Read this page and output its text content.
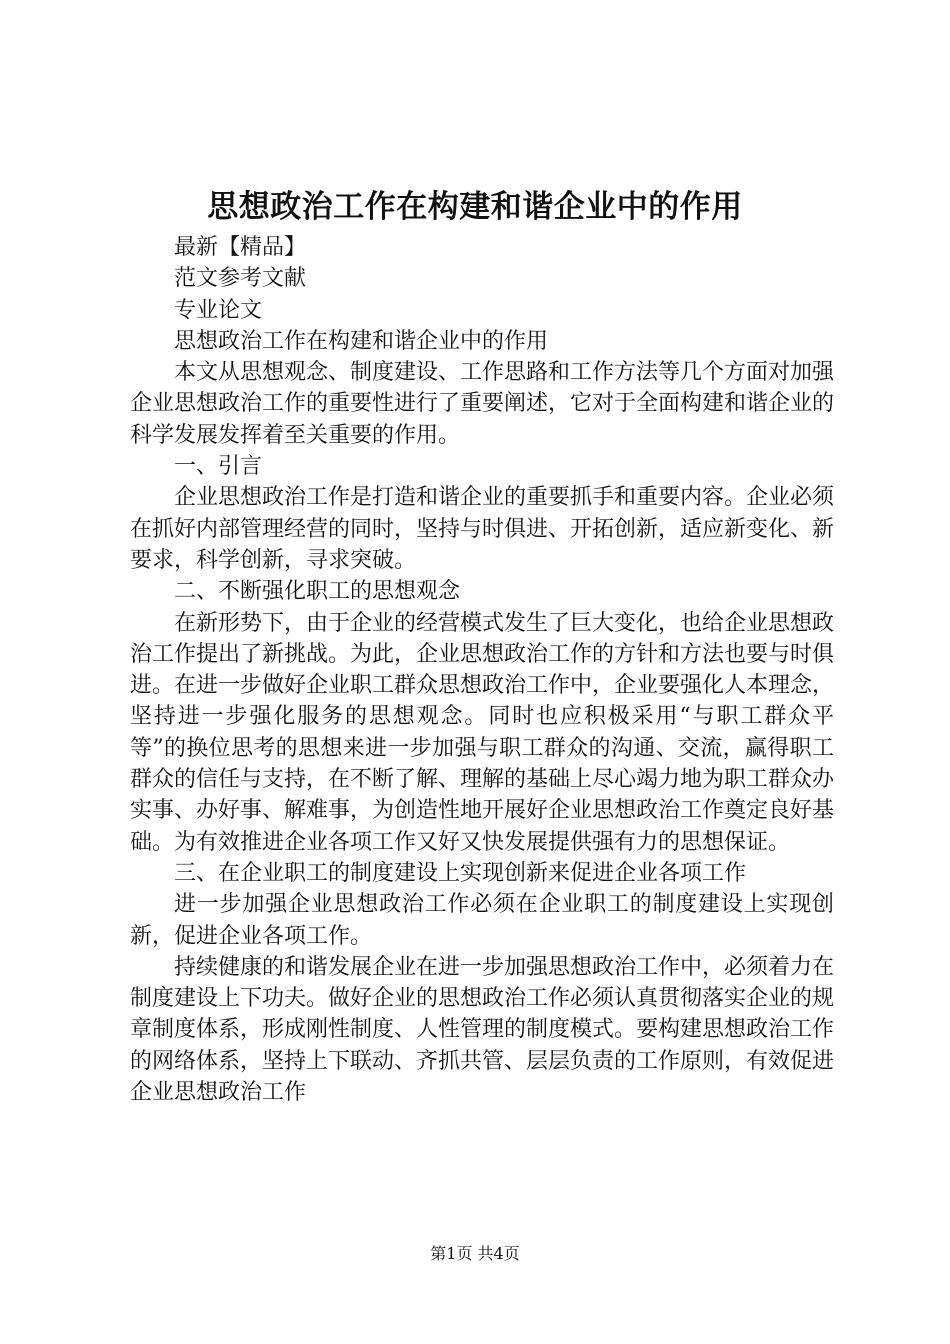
思想政治工作在构建和谐企业中的作用

最新【精品】

范文参考文献

专业论文

思想政治工作在构建和谐企业中的作用

本文从思想观念、制度建设、工作思路和工作方法等几个方面对加强企业思想政治工作的重要性进行了重要阐述，它对于全面构建和谐企业的科学发展发挥着至关重要的作用。

一、引言

企业思想政治工作是打造和谐企业的重要抓手和重要内容。企业必须在抓好内部管理经营的同时，坚持与时俱进、开拓创新，适应新变化、新要求，科学创新，寻求突破。

二、不断强化职工的思想观念

在新形势下，由于企业的经营模式发生了巨大变化，也给企业思想政治工作提出了新挑战。为此，企业思想政治工作的方针和方法也要与时俱进。在进一步做好企业职工群众思想政治工作中，企业要强化人本理念，坚持进一步强化服务的思想观念。同时也应积极采用“与职工群众平等”的换位思考的思想来进一步加强与职工群众的沟通、交流，赢得职工群众的信任与支持，在不断了解、理解的基础上尽心竭力地为职工群众办实事、办好事、解难事，为创造性地开展好企业思想政治工作奠定良好基础。为有效推进企业各项工作又好又快发展提供强有力的思想保证。

三、在企业职工的制度建设上实现创新来促进企业各项工作

进一步加强企业思想政治工作必须在企业职工的制度建设上实现创新，促进企业各项工作。

持续健康的和谐发展企业在进一步加强思想政治工作中，必须着力在制度建设上下功夫。做好企业的思想政治工作必须认真贯彻落实企业的规章制度体系，形成刚性制度、人性管理的制度模式。要构建思想政治工作的网络体系，坚持上下联动、齐抓共管、层层负责的工作原则，有效促进企业思想政治工作

第1页 共4页
